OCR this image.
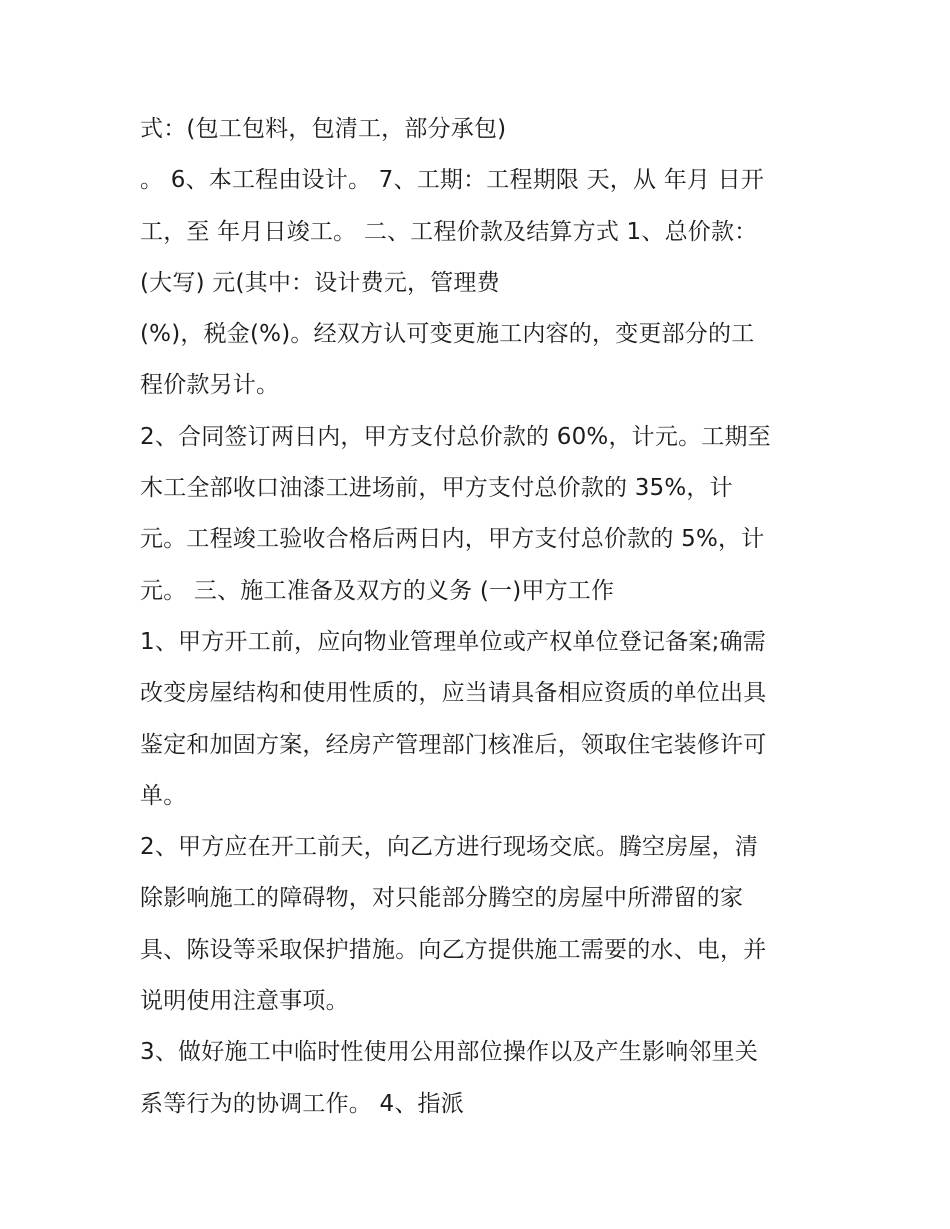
式：(包工包料，包清工，部分承包)
。 6、本工程由设计。 7、工期：工程期限 天，从 年月 日开
工，至 年月日竣工。 二、工程价款及结算方式 1、总价款：
(大写) 元(其中：设计费元，管理费
(%)，税金(%)。经双方认可变更施工内容的，变更部分的工
程价款另计。
2、合同签订两日内，甲方支付总价款的 60%，计元。工期至
木工全部收口油漆工进场前，甲方支付总价款的 35%，计
元。工程竣工验收合格后两日内，甲方支付总价款的 5%，计
元。 三、施工准备及双方的义务 (一)甲方工作
1、甲方开工前，应向物业管理单位或产权单位登记备案;确需
改变房屋结构和使用性质的，应当请具备相应资质的单位出具
鉴定和加固方案，经房产管理部门核准后，领取住宅装修许可
单。
2、甲方应在开工前天，向乙方进行现场交底。腾空房屋，清
除影响施工的障碍物，对只能部分腾空的房屋中所滞留的家
具、陈设等采取保护措施。向乙方提供施工需要的水、电，并
说明使用注意事项。
3、做好施工中临时性使用公用部位操作以及产生影响邻里关
系等行为的协调工作。 4、指派
